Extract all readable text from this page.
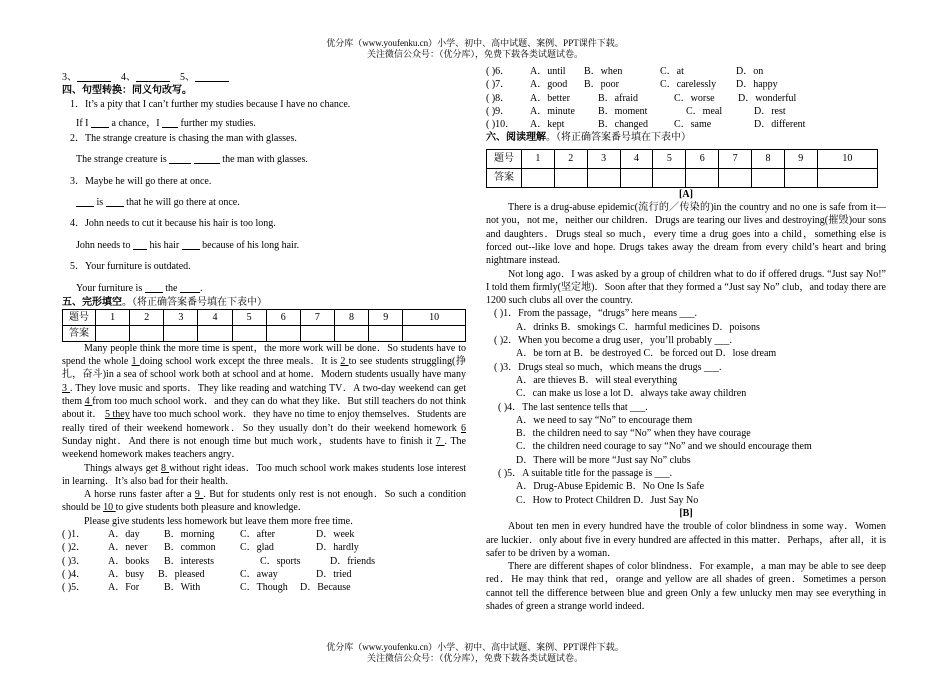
优分库（www.youfenku.cn）小学、初中、高中试题、案例、PPT课件下载。
关注微信公众号：（优分库），免费下载各类试题试卷。

3、	4、	5、

四、句型转换：同义句改写。

1．It’s a pity that I can’t further my studies because I have no chance.

If I a chance，I further my studies.

2．The strange creature is chasing the man with glasses.

The strange creature is	the man with glasses.

3．Maybe he will go there at once.

is that he will go there at once.

4．John needs to cut it because his hair is too long.

John needs to his hair because of his long hair.

5．Your furniture is outdated.

Your furniture is the .

五、完形填空。（将正确答案番号填在下表中）

题号	1	2	3	4	5	6	7	8	9	10
答案										

Many people think the more time is spent，the more work will be done．So students have to spend the whole 1 doing school work except the three meals．It is 2 to see students struggling(挣扎，奋斗)in a sea of school work both at school and at home．Modern students usually have many 3 . They love music and sports．They like reading and watching TV．A two-day weekend can get them 4 from too much school work．and they can do what they like．But still teachers do not think about it． 5 they have too much school work．they have no time to enjoy themselves．Students are really tired of their weekend homework．So they usually don’t do their weekend homework 6 Sunday night．And there is not enough time but much work，students have to finish it 7 . The weekend homework makes teachers angry．

Things always get 8 without right ideas．Too much school work makes students lose interest in learning．It’s also bad for their health．

A horse runs faster after a 9 . But for students only rest is not enough．So such a condition should be 10 to give students both pleasure and knowledge．

Please give students less homework but leave them more free time．

( )1．	A．day	B．morning	C．after	D．week
( )2．	A．never	B．common	C．glad	D．hardly
( )3．	A．books	B．interests	C．sports	D．friends
( )4．	A．busy	B．pleased	C．away	D．tried
( )5．	A．For	B．With	C．Though	D．Because
( )6．	A．until	B．when	C．at	D．on
( )7．	A．good	B．poor	C．carelessly	D．happy
( )8．	A．better	B．afraid	C．worse	D．wonderful
( )9．	A．minute	B．moment	C．meal	D．rest
( )10．	A．kept	B．changed	C．same	D．different

六、阅读理解。（将正确答案番号填在下表中）

题号	1	2	3	4	5	6	7	8	9	10
答案										

[A]

There is a drug-abuse epidemic(流行的／传染的)in the country and no one is safe from it—not you，not me，neither our children．Drugs are tearing our lives and destroying(摧毁)our sons and daughters．Drugs steal so much，every time a drug goes into a child，something else is forced out--like love and hope. Drugs takes away the dream from every child’s heart and bring nightmare instead.

Not long ago．I was asked by a group of children what to do if offered drugs. “Just say No!” I told them firmly(坚定地)．Soon after that they formed a “Just say No” club，and today there are 1200 such clubs all over the country.

( )1．From the passage，“drugs” here means ___.

A．drinks B．smokings C．harmful medicines D．poisons

( )2．When you become a drug user，you’ll probably ___.

A．be torn at B．be destroyed C．be forced out D．lose dream

( )3．Drugs steal so much，which means the drugs ___.

A．are thieves B．will steal everything

C．can make us lose a lot D．always take away children

( )4．The last sentence tells that ___.

A．we need to say “No” to encourage them

B．the children need to say “No” when they have courage

C．the children need courage to say “No” and we should encourage them

D．There will be more “Just say No” clubs

( )5．A suitable title for the passage is ___.

A．Drug-Abuse Epidemic B．No One Is Safe

C．How to Protect Children D．Just Say No

[B]

About ten men in every hundred have the trouble of color blindness in some way．Women are luckier．only about five in every hundred are affected in this matter．Perhaps，after all，it is safer to be driven by a woman．

There are different shapes of color blindness．For example，a man may be able to see deep red．He may think that red，orange and yellow are all shades of green．Sometimes a person cannot tell the difference between blue and green Only a few unlucky men may see everything in shades of green a strange world indeed．

优分库（www.youfenku.cn）小学、初中、高中试题、案例、PPT课件下载。
关注微信公众号：（优分库），免费下载各类试题试卷。
